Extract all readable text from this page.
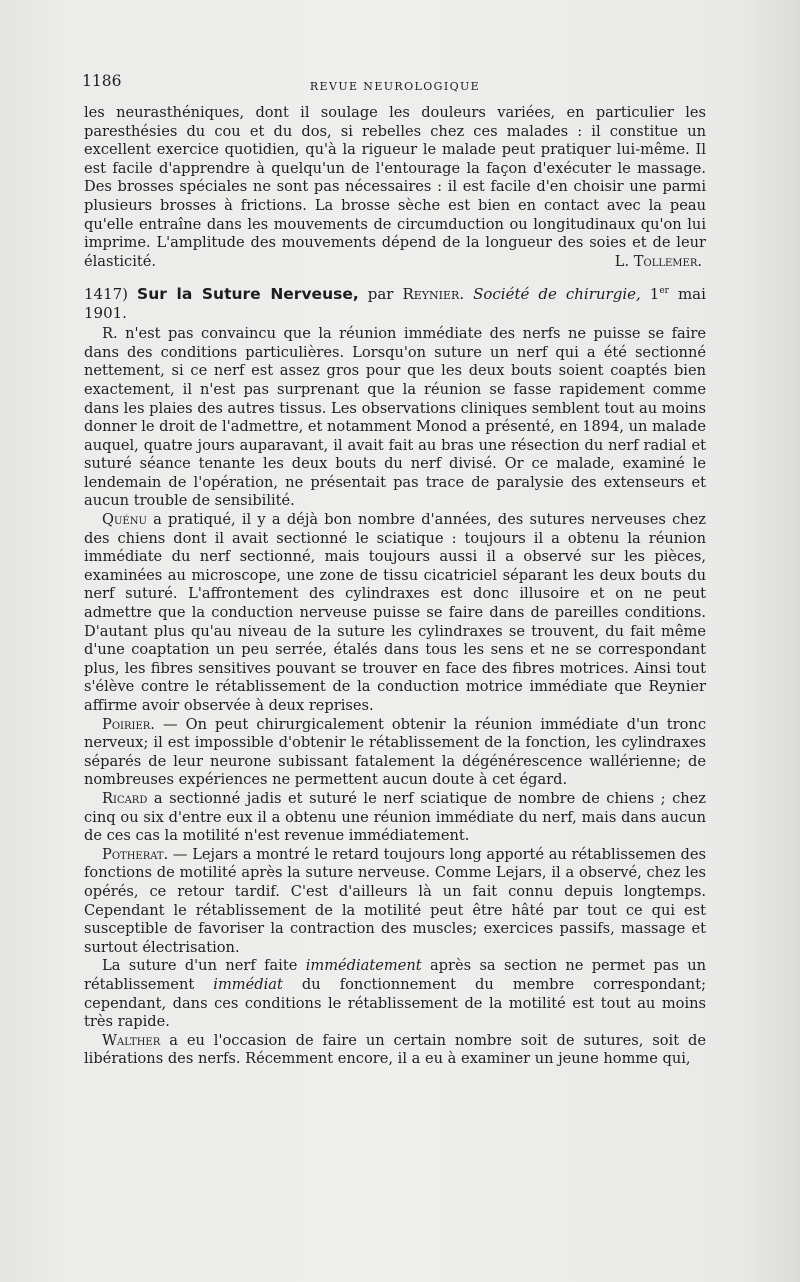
1186	REVUE NEUROLOGIQUE

les neurasthéniques, dont il soulage les douleurs variées, en particulier les paresthésies du cou et du dos, si rebelles chez ces malades : il constitue un excellent exercice quotidien, qu'à la rigueur le malade peut pratiquer lui-même. Il est facile d'apprendre à quelqu'un de l'entourage la façon d'exécuter le massage. Des brosses spéciales ne sont pas nécessaires : il est facile d'en choisir une parmi plusieurs brosses à frictions. La brosse sèche est bien en contact avec la peau qu'elle entraîne dans les mouvements de circumduction ou longitudinaux qu'on lui imprime. L'amplitude des mouvements dépend de la longueur des soies et de leur élasticité.	L. Tollemer.
1417) Sur la Suture Nerveuse, par Reynier. Société de chirurgie, 1er mai 1901.

R. n'est pas convaincu que la réunion immédiate des nerfs ne puisse se faire dans des conditions particulières. Lorsqu'on suture un nerf qui a été sectionné nettement, si ce nerf est assez gros pour que les deux bouts soient coaptés bien exactement, il n'est pas surprenant que la réunion se fasse rapidement comme dans les plaies des autres tissus. Les observations cliniques semblent tout au moins donner le droit de l'admettre, et notamment Monod a présenté, en 1894, un malade auquel, quatre jours auparavant, il avait fait au bras une résection du nerf radial et suturé séance tenante les deux bouts du nerf divisé. Or ce malade, examiné le lendemain de l'opération, ne présentait pas trace de paralysie des extenseurs et aucun trouble de sensibilité.

Quénu a pratiqué, il y a déjà bon nombre d'années, des sutures nerveuses chez des chiens dont il avait sectionné le sciatique : toujours il a obtenu la réunion immédiate du nerf sectionné, mais toujours aussi il a observé sur les pièces, examinées au microscope, une zone de tissu cicatriciel séparant les deux bouts du nerf suturé. L'affrontement des cylindraxes est donc illusoire et on ne peut admettre que la conduction nerveuse puisse se faire dans de pareilles conditions. D'autant plus qu'au niveau de la suture les cylindraxes se trouvent, du fait même d'une coaptation un peu serrée, étalés dans tous les sens et ne se correspondant plus, les fibres sensitives pouvant se trouver en face des fibres motrices. Ainsi tout s'élève contre le rétablissement de la conduction motrice immédiate que Reynier affirme avoir observée à deux reprises.

Poirier. — On peut chirurgicalement obtenir la réunion immédiate d'un tronc nerveux; il est impossible d'obtenir le rétablissement de la fonction, les cylindraxes séparés de leur neurone subissant fatalement la dégénérescence wallérienne; de nombreuses expériences ne permettent aucun doute à cet égard.

Ricard a sectionné jadis et suturé le nerf sciatique de nombre de chiens ; chez cinq ou six d'entre eux il a obtenu une réunion immédiate du nerf, mais dans aucun de ces cas la motilité n'est revenue immédiatement.

Potherat. — Lejars a montré le retard toujours long apporté au rétablissemen des fonctions de motilité après la suture nerveuse. Comme Lejars, il a observé, chez les opérés, ce retour tardif. C'est d'ailleurs là un fait connu depuis longtemps. Cependant le rétablissement de la motilité peut être hâté par tout ce qui est susceptible de favoriser la contraction des muscles; exercices passifs, massage et surtout électrisation.

La suture d'un nerf faite immédiatement après sa section ne permet pas un rétablissement immédiat du fonctionnement du membre correspondant; cependant, dans ces conditions le rétablissement de la motilité est tout au moins très rapide.

Walther a eu l'occasion de faire un certain nombre soit de sutures, soit de libérations des nerfs. Récemment encore, il a eu à examiner un jeune homme qui,
